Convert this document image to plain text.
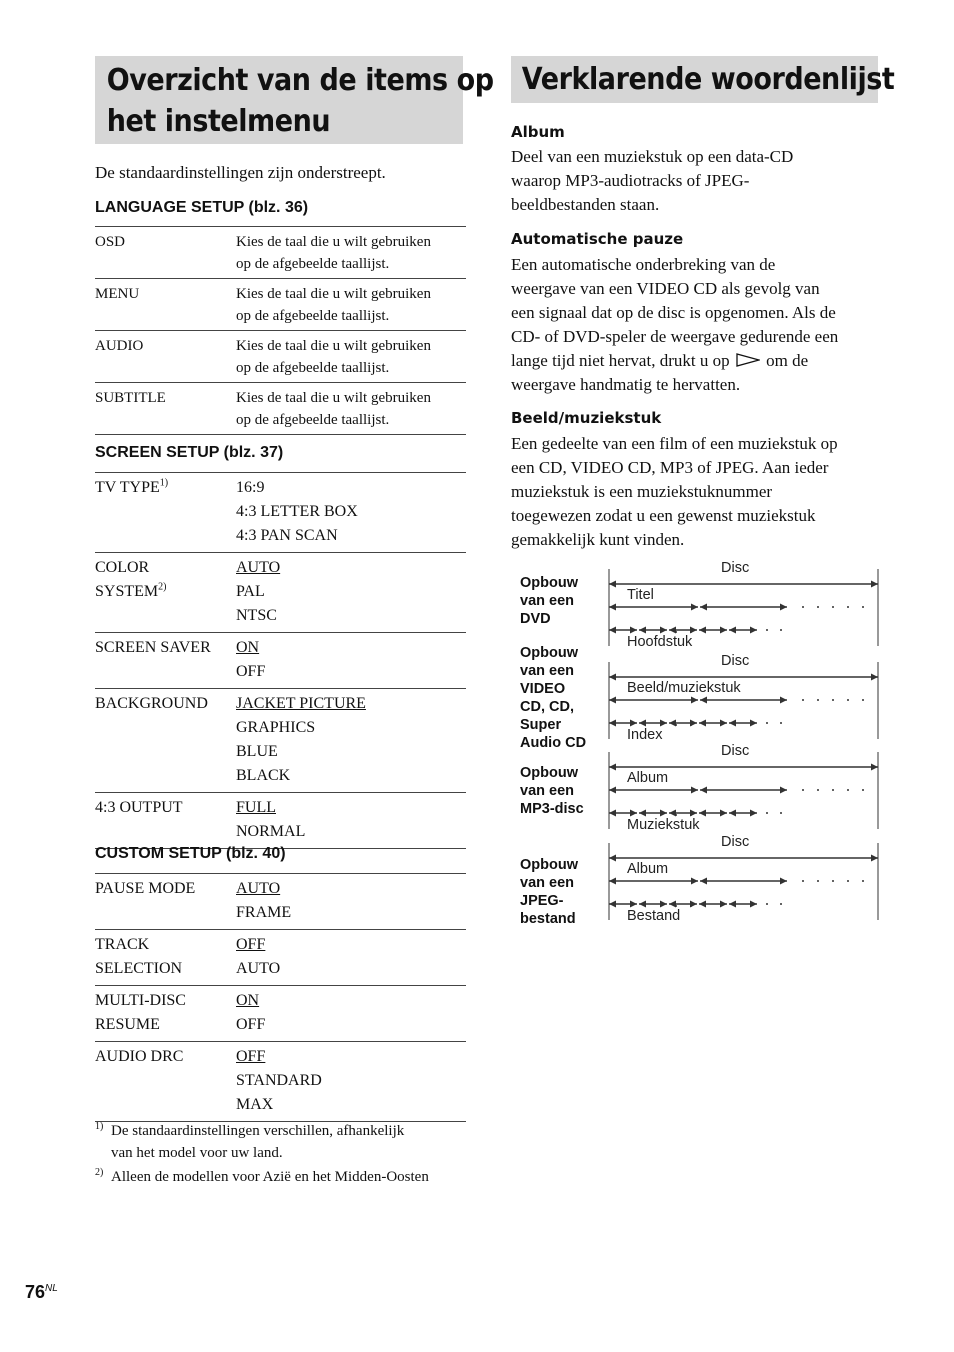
Overzicht van de items op
het instelmenu
De standaardinstellingen zijn onderstreept.
LANGUAGE SETUP (blz. 36)
OSD	Kies de taal die u wilt gebruiken
op de afgebeelde taallijst.
MENU	Kies de taal die u wilt gebruiken
op de afgebeelde taallijst.
AUDIO	Kies de taal die u wilt gebruiken
op de afgebeelde taallijst.
SUBTITLE	Kies de taal die u wilt gebruiken
op de afgebeelde taallijst.
SCREEN SETUP (blz. 37)
TV TYPE$^{1)}$	16:9
4:3 LETTER BOX
4:3 PAN SCAN
COLOR
SYSTEM$^{2)}$	AUTO
PAL
NTSC
SCREEN SAVER	ON
OFF
BACKGROUND	JACKET PICTURE
GRAPHICS
BLUE
BLACK
4:3 OUTPUT	FULL
NORMAL
CUSTOM SETUP (blz. 40)
PAUSE MODE	AUTO
FRAME
TRACK
SELECTION	OFF
AUTO
MULTI-DISC
RESUME	ON
OFF
AUDIO DRC	OFF
STANDARD
MAX
1) De standaardinstellingen verschillen, afhankelijk
van het model voor uw land.
2) Alleen de modellen voor Azië en het Midden-Oosten
Verklarende woordenlijst
Album
Deel van een muziekstuk op een data-CD
waarop MP3-audiotracks of JPEG-
beeldbestanden staan.
Automatische pauze
Een automatische onderbreking van de
weergave van een VIDEO CD als gevolg van
een signaal dat op de disc is opgenomen. Als de
CD- of DVD-speler de weergave gedurende een
lange tijd niet hervat, drukt u op om de
weergave handmatig te hervatten.
Beeld/muziekstuk
Een gedeelte van een film of een muziekstuk op
een CD, VIDEO CD, MP3 of JPEG. Aan ieder
muziekstuk is een muziekstuknummer
toegewezen zodat u een gewenst muziekstuk
gemakkelijk kunt vinden.
Disc
Titel
Hoofdstuk
Opbouw
van een
DVD
Disc
Beeld/muziekstuk
Index
Opbouw
van een
VIDEO
CD, CD,
Super
Audio CD	Disc
Album
Muziekstuk
Opbouw
van een
MP3-disc
Disc
Album
Bestand
Opbouw
van een
JPEG-
bestand
$76^{NL}$
